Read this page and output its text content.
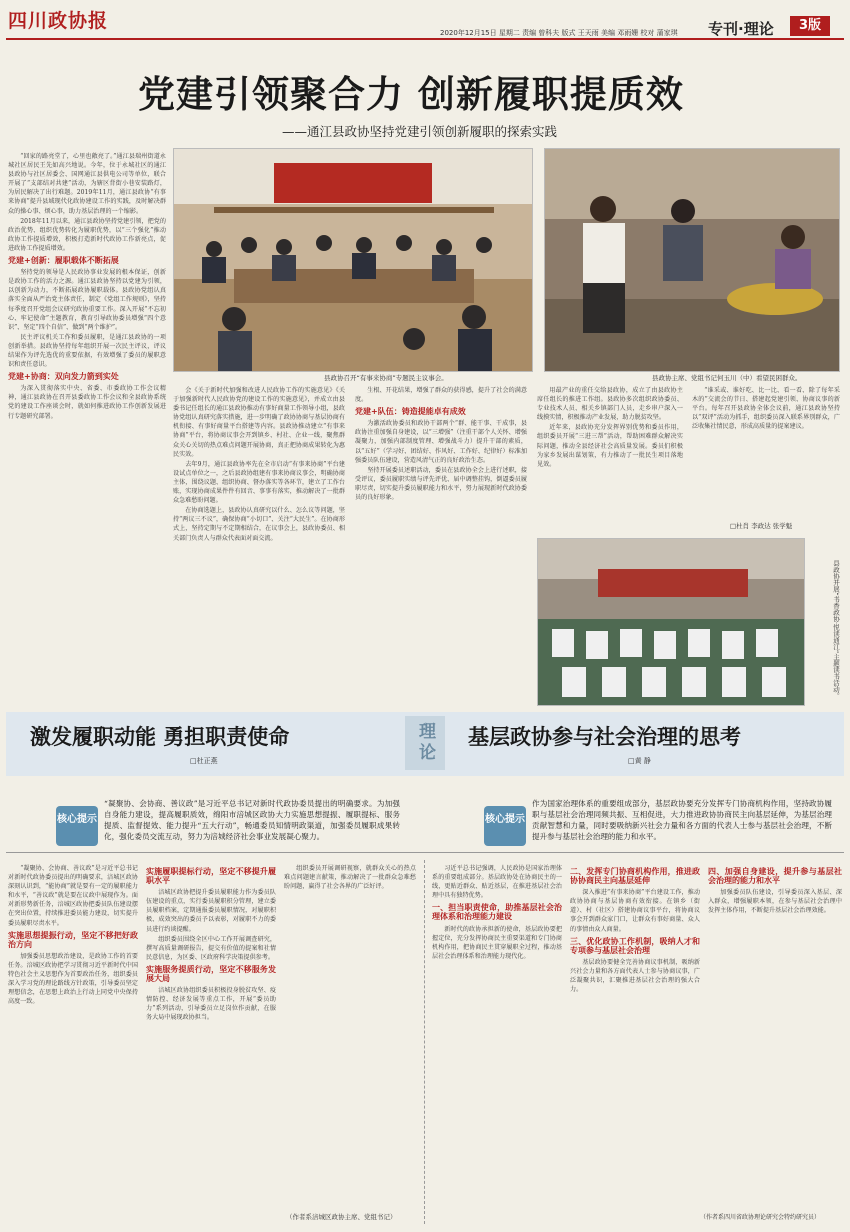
四川政协报
2020年12月15日 星期二 责编 曾科夫 版式 王天雨 美编 邓雨姗 校对 蒲家琪 专刊·理论	3版
党建引领聚合力 创新履职提质效
——通江县政协坚持党建引领创新履职的探索实践

“回家的路亮堂了，心里也敞亮了。”通江县瑞州街道永城社区居民王先如高兴地说。今年，位于永城社区的通江县政协与社区居委会、国网通江县供电公司等单位，联合开展了“支部结对共建”活动，为辖区背街小巷安装路灯，为居民解决了出行难题。2019年11月，通江县政协“有事来协商”提升县域现代化政协建设工作的实践，及时解决群众的操心事、烦心事，助力基层治理的一个缩影。

2018年11月以来，通江县政协坚持党建引领，把党的政治优势、组织优势转化为履职优势，以“三个强化”推动政协工作提质增效，积极打造新时代政协工作新亮点，促进政协工作提质增效。

党建+创新：履职载体不断拓展

坚持党的领导是人民政协事业发展的根本保证，创新是政协工作的活力之源。通江县政协坚持以党建为引领，以创新为动力，不断拓展政协履职载体。县政协党组认真落实全面从严治党主体责任，制定《党组工作规则》，坚持每季度召开党组会议研究政协重要工作。深入开展“不忘初心、牢记使命”主题教育，教育引导政协委员增强“四个意识”、坚定“四个自信”、做到“两个维护”。

民主评议机关工作和委员履职，是通江县政协的一项创新举措。县政协坚持每年组织开展一次民主评议，评议结果作为评先选优的重要依据，有效增强了委员的履职意识和责任意识。

党建+协商：双向发力箭到实处

为深入贯彻落实中央、省委、市委政协工作会议精神，通江县政协在召开县委政协工作会议和全县政协系统党的建设工作座谈会时，就如何推进政协工作创新发展进行专题研究部署。

县政协召开“有事来协商”专题民主议事会。	县政协主席、党组书记何玉川（中）看望民困群众。

会《关于新时代加强和改进人民政协工作的实施意见》《关于加强新时代人民政协党的建设工作的实施意见》，并成立由县委书记任组长的通江县政协推动有事好商量工作领导小组，县政协党组认真研究落实措施，进一步明确了政协协商与基层协商有机衔接、有事好商量平台搭建等内容。县政协推动建立“有事来协商”平台，将协商议事会开到镇乡、村社、企业一线，聚焦群众关心关切的热点难点问题开展协商，真正把协商成果转化为惠民实效。

去年9月，通江县政协率先在全市启动“有事来协商”平台建设试点单位之一，之后县政协组建有事来协商议事会，明确协商主体，围绕议题、组织协商、督办落实等各环节，建立了工作台账，实现协商成果件件有回音、事事有落实，推动解决了一批群众急难愁盼问题。

在协商选题上，县政协认真研究以什么、怎么议等问题，坚持“两议三不议”，确保协商“小切口”、关注“大民生”。在协商形式上，坚持定期与不定期相结合，在议事会上，县政协委员、相关部门负责人与群众代表面对面交流。

生根、开花结果，增强了群众的获得感，提升了社会的满意度。

党建+队伍：铸造提能卓有成效

为激活政协委员和政协干部两个“群、能干事、干成事，县政协注重加强自身建设，以“三增强”（注重干部个人关怀、增强凝聚力，加强内部制度管理、增强战斗力）提升干部的素质，以“五好”（学习好、团结好、作风好、工作好、纪律好）标准加强委员队伍建设，营造风清气正的良好政治生态。

坚持开展委员述职活动，委员在县政协全会上进行述职，接受评议，委员履职实绩与评先评优、届中调整挂钩，倒逼委员履职尽责，切实提升委员履职能力和水平，努力展现新时代政协委员的良好形象。

用最产业的重任交给县政协，成立了由县政协主席任组长的推进工作组。县政协多次组织政协委员、专业技术人员、相关乡镇部门人员，走乡串户深入一线摸实情，积极推动产业发展，助力脱贫攻坚。

近年来，县政协充分发挥界别优势和委员作用，组织委员开展“三进三帮”活动，帮助困难群众解决实际问题，推动全县经济社会高质量发展。委员们积极为家乡发展出谋划策，有力推动了一批民生项目落地见效。

“谁采或、谁好吃、比一比、看一看、除了每年采木的”交流会的节日、搭建起党建引领、协商议事的新平台。每年召开县政协全体会议前，通江县政协坚持以“双评”活动为抓手，组织委员深入联系界别群众，广泛收集社情民意，形成高质量的提案建议。

□杜肖 李政达 张学魁
县政协开展“书香政协·悦读通江”主题读书活动。
激发履职动能 勇担职责使命
□杜正燕	理论	基层政协参与社会治理的思考
□黄 静
核心提示
“凝聚协、会协商、善议政”是习近平总书记对新时代政协委员提出的明确要求。为加强自身能力建设，提高履职质效，绵阳市涪城区政协大力实施思想提振、履职提标、服务提质、监督提效、能力提升“五大行动”，畅通委员知情明政渠道，加强委员履职成果转化，强化委员交流互动，努力为涪城经济社会事业发展凝心聚力。
核心提示
作为国家治理体系的重要组成部分，基层政协要充分发挥专门协商机构作用，坚持政协履职与基层社会治理同频共振、互相促进，大力推进政协协商民主向基层延伸，为基层治理贡献智慧和力量，同时要吸纳新兴社会力量和各方面的代表人士参与基层社会治理，不断提升参与基层社会治理的能力和水平。

“凝聚协、会协商、善议政”是习近平总书记对新时代政协委员提出的明确要求，涪城区政协深刻认识到，“能协商”就是要有一定的履职能力和水平，“善议政”就是要在议政中展现作为。面对新形势新任务，涪城区政协把委员队伍建设摆在突出位置，持续推进委员能力建设，切实提升委员履职尽责水平。

实施思想提振行动，坚定不移把好政治方向

加强委员思想政治建设，是政协工作的首要任务。涪城区政协把学习贯彻习近平新时代中国特色社会主义思想作为首要政治任务，组织委员深入学习党的理论路线方针政策，引导委员坚定理想信念，在思想上政治上行动上同党中央保持高度一致。

实施履职提标行动，坚定不移提升履职水平

涪城区政协把提升委员履职能力作为委员队伍建设的重点，实行委员履职积分管理，建立委员履职档案，定期通报委员履职情况，对履职积极、成效突出的委员予以表彰，对履职不力的委员进行约谈提醒。

组织委员围绕全区中心工作开展调查研究，撰写高质量调研报告，提交有价值的提案和社情民意信息，为区委、区政府科学决策提供参考。

实施服务提质行动，坚定不移服务发展大局

涪城区政协组织委员积极投身脱贫攻坚、疫情防控、经济发展等重点工作，开展“委员助力”系列活动，引导委员立足岗位作贡献，在服务大局中展现政协担当。

组织委员开展调研视察，就群众关心的热点难点问题建言献策，推动解决了一批群众急难愁盼问题，赢得了社会各界的广泛好评。

（作者系涪城区政协主席、党组书记）

习近平总书记强调，人民政协是国家治理体系的重要组成部分。基层政协处在协商民主的一线，更贴近群众、贴近基层，在推进基层社会治理中具有独特优势。

一、担当职责使命，助推基层社会治理体系和治理能力建设

新时代的政协承担新的使命，基层政协要把握定位，充分发挥协商民主重要渠道和专门协商机构作用，把协商民主贯穿履职全过程，推动基层社会治理体系和治理能力现代化。

二、发挥专门协商机构作用，推进政协协商民主向基层延伸

深入推进“有事来协商”平台建设工作，推动政协协商与基层协商有效衔接。在镇乡（街道）、村（社区）搭建协商议事平台，将协商议事会开到群众家门口，让群众有事好商量、众人的事情由众人商量。

三、优化政协工作机制，吸纳人才和专项参与基层社会治理

基层政协要健全完善协商议事机制，吸纳新兴社会力量和各方面代表人士参与协商议事，广泛凝聚共识，汇聚推进基层社会治理的强大合力。

四、加强自身建设，提升参与基层社会治理的能力和水平

加强委员队伍建设，引导委员深入基层、深入群众，增强履职本领，在参与基层社会治理中发挥主体作用，不断提升基层社会治理效能。

（作者系四川省政协理论研究会特约研究员）
